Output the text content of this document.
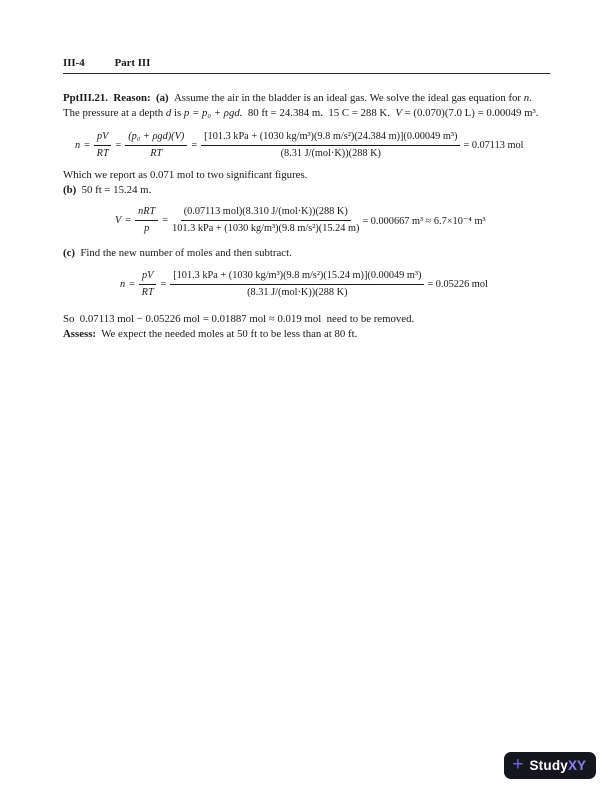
III-4	Part III

PptIII.21.  Reason:  (a)  Assume the air in the bladder is an ideal gas. We solve the ideal gas equation for n. The pressure at a depth d is p = p₀ + ρgd.  80 ft = 24.384 m.  15 C = 288 K.  V = (0.070)(7.0 L) = 0.00049 m³.

$n = \frac{pV}{RT} = \frac{\text{(p₀ + ρgd)(V)}}{RT} = \frac{\text{[101.3 kPa + (1030 kg/m³)(9.8 m/s²)(24.384 m)](0.00049 m³)}}{\text{(8.31 J/(mol·K))(288 K)}} = 0.07113$ mol
Which we report as 0.071 mol to two significant figures.
(b)  50 ft = 15.24 m.
$V = \frac{\text{nRT}}{p} = \frac{\text{(0.07113 mol)(8.310 J/(mol·K))(288 K)}}{\text{101.3 kPa + (1030 kg/m³)(9.8 m/s²)(15.24 m)}} = 0.000667$ m³ ≈ 6.7×10⁻⁴ m³
(c)  Find the new number of moles and then subtract.
$n = \frac{pV}{RT} = \frac{\text{[101.3 kPa + (1030 kg/m³)(9.8 m/s²)(15.24 m)](0.00049 m³)}}{\text{(8.31 J/(mol·K))(288 K)}} = 0.05226$ mol
So  0.07113 mol − 0.05226 mol = 0.01887 mol ≈ 0.019 mol  need to be removed.
Assess:  We expect the needed moles at 50 ft to be less than at 80 ft.
+ Study XY
